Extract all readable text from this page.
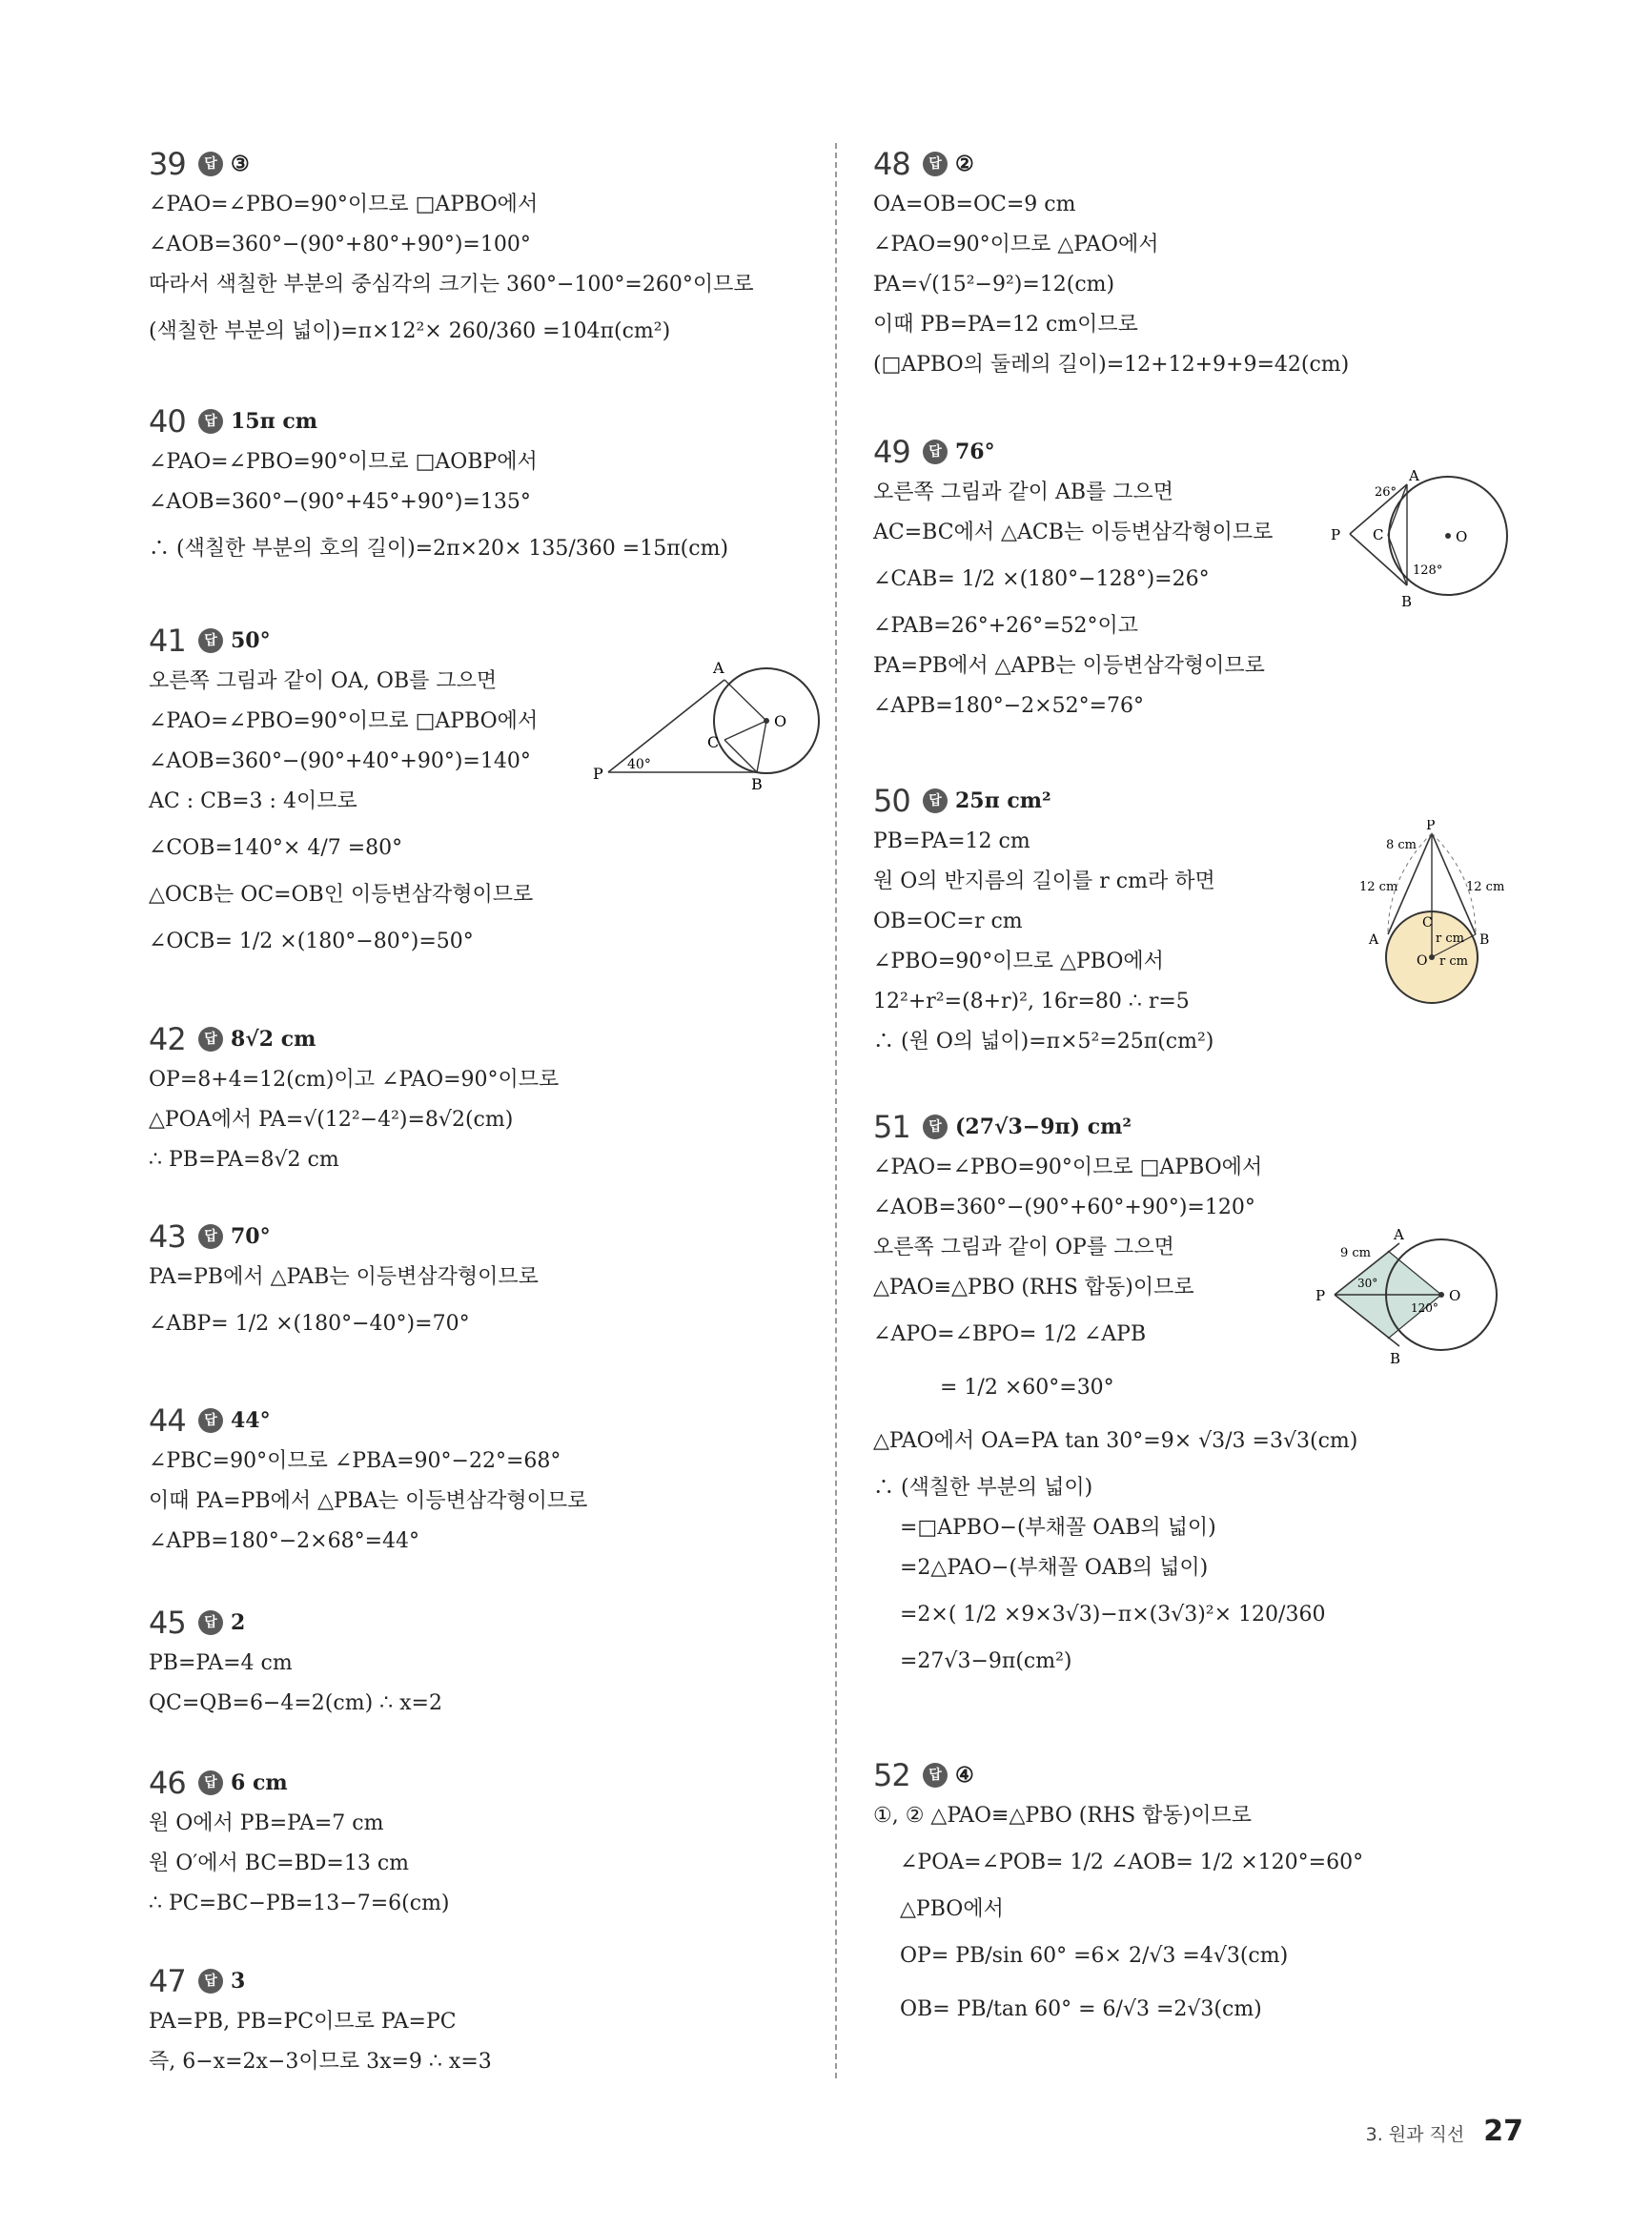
39	답 ③
∠PAO=∠PBO=90°이므로 □APBO에서
∠AOB=360°−(90°+80°+90°)=100°
따라서 색칠한 부분의 중심각의 크기는 360°−100°=260°이므로
(색칠한 부분의 넓이)=π×12²× 260/360 =104π(cm²)
40	답 15π cm
∠PAO=∠PBO=90°이므로 □AOBP에서
∠AOB=360°−(90°+45°+90°)=135°
∴ (색칠한 부분의 호의 길이)=2π×20× 135/360 =15π(cm)
41	답 50°
오른쪽 그림과 같이 OA, OB를 그으면
∠PAO=∠PBO=90°이므로 □APBO에서
∠AOB=360°−(90°+40°+90°)=140°
AC : CB=3 : 4이므로
∠COB=140°× 4/7 =80°
△OCB는 OC=OB인 이등변삼각형이므로
∠OCB= 1/2 ×(180°−80°)=50°
42	답 8√2 cm
OP=8+4=12(cm)이고 ∠PAO=90°이므로
△POA에서 PA=√(12²−4²)=8√2(cm)
∴ PB=PA=8√2 cm
43	답 70°
PA=PB에서 △PAB는 이등변삼각형이므로
∠ABP= 1/2 ×(180°−40°)=70°
44	답 44°
∠PBC=90°이므로 ∠PBA=90°−22°=68°
이때 PA=PB에서 △PBA는 이등변삼각형이므로
∠APB=180°−2×68°=44°
45	답 2
PB=PA=4 cm
QC=QB=6−4=2(cm) ∴ x=2
46	답 6 cm
원 O에서 PB=PA=7 cm
원 O′에서 BC=BD=13 cm
∴ PC=BC−PB=13−7=6(cm)
47	답 3
PA=PB, PB=PC이므로 PA=PC
즉, 6−x=2x−3이므로 3x=9 ∴ x=3
A
C
O
P 40°
B
48	답 ②
OA=OB=OC=9 cm
∠PAO=90°이므로 △PAO에서
PA=√(15²−9²)=12(cm)
이때 PB=PA=12 cm이므로
(□APBO의 둘레의 길이)=12+12+9+9=42(cm)
49	답 76°
오른쪽 그림과 같이 AB를 그으면
AC=BC에서 △ACB는 이등변삼각형이므로
∠CAB= 1/2 ×(180°−128°)=26°
∠PAB=26°+26°=52°이고
PA=PB에서 △APB는 이등변삼각형이므로
∠APB=180°−2×52°=76°
50	답 25π cm²
PB=PA=12 cm
원 O의 반지름의 길이를 r cm라 하면
OB=OC=r cm
∠PBO=90°이므로 △PBO에서
12²+r²=(8+r)², 16r=80 ∴ r=5
∴ (원 O의 넓이)=π×5²=25π(cm²)
51	답 (27√3−9π) cm²
∠PAO=∠PBO=90°이므로 □APBO에서
∠AOB=360°−(90°+60°+90°)=120°
오른쪽 그림과 같이 OP를 그으면
△PAO≡△PBO (RHS 합동)이므로
∠APO=∠BPO= 1/2 ∠APB
= 1/2 ×60°=30°
△PAO에서 OA=PA tan 30°=9× √3/3 =3√3(cm)
∴ (색칠한 부분의 넓이)
=□APBO−(부채꼴 OAB의 넓이)
=2△PAO−(부채꼴 OAB의 넓이)
=2×( 1/2 ×9×3√3)−π×(3√3)²× 120/360
=27√3−9π(cm²)
52	답 ④
①, ② △PAO≡△PBO (RHS 합동)이므로
∠POA=∠POB= 1/2 ∠AOB= 1/2 ×120°=60°
△PBO에서
OP= PB/sin 60° =6× 2/√3 =4√3(cm)
OB= PB/tan 60° = 6/√3 =2√3(cm)
A
26°
P C	O
128°
B
P
8 cm
12 cm	12 cm
C
A	r cm B
O r cm
A
9 cm
P
30°
120°
O
B
3. 원과 직선 27
